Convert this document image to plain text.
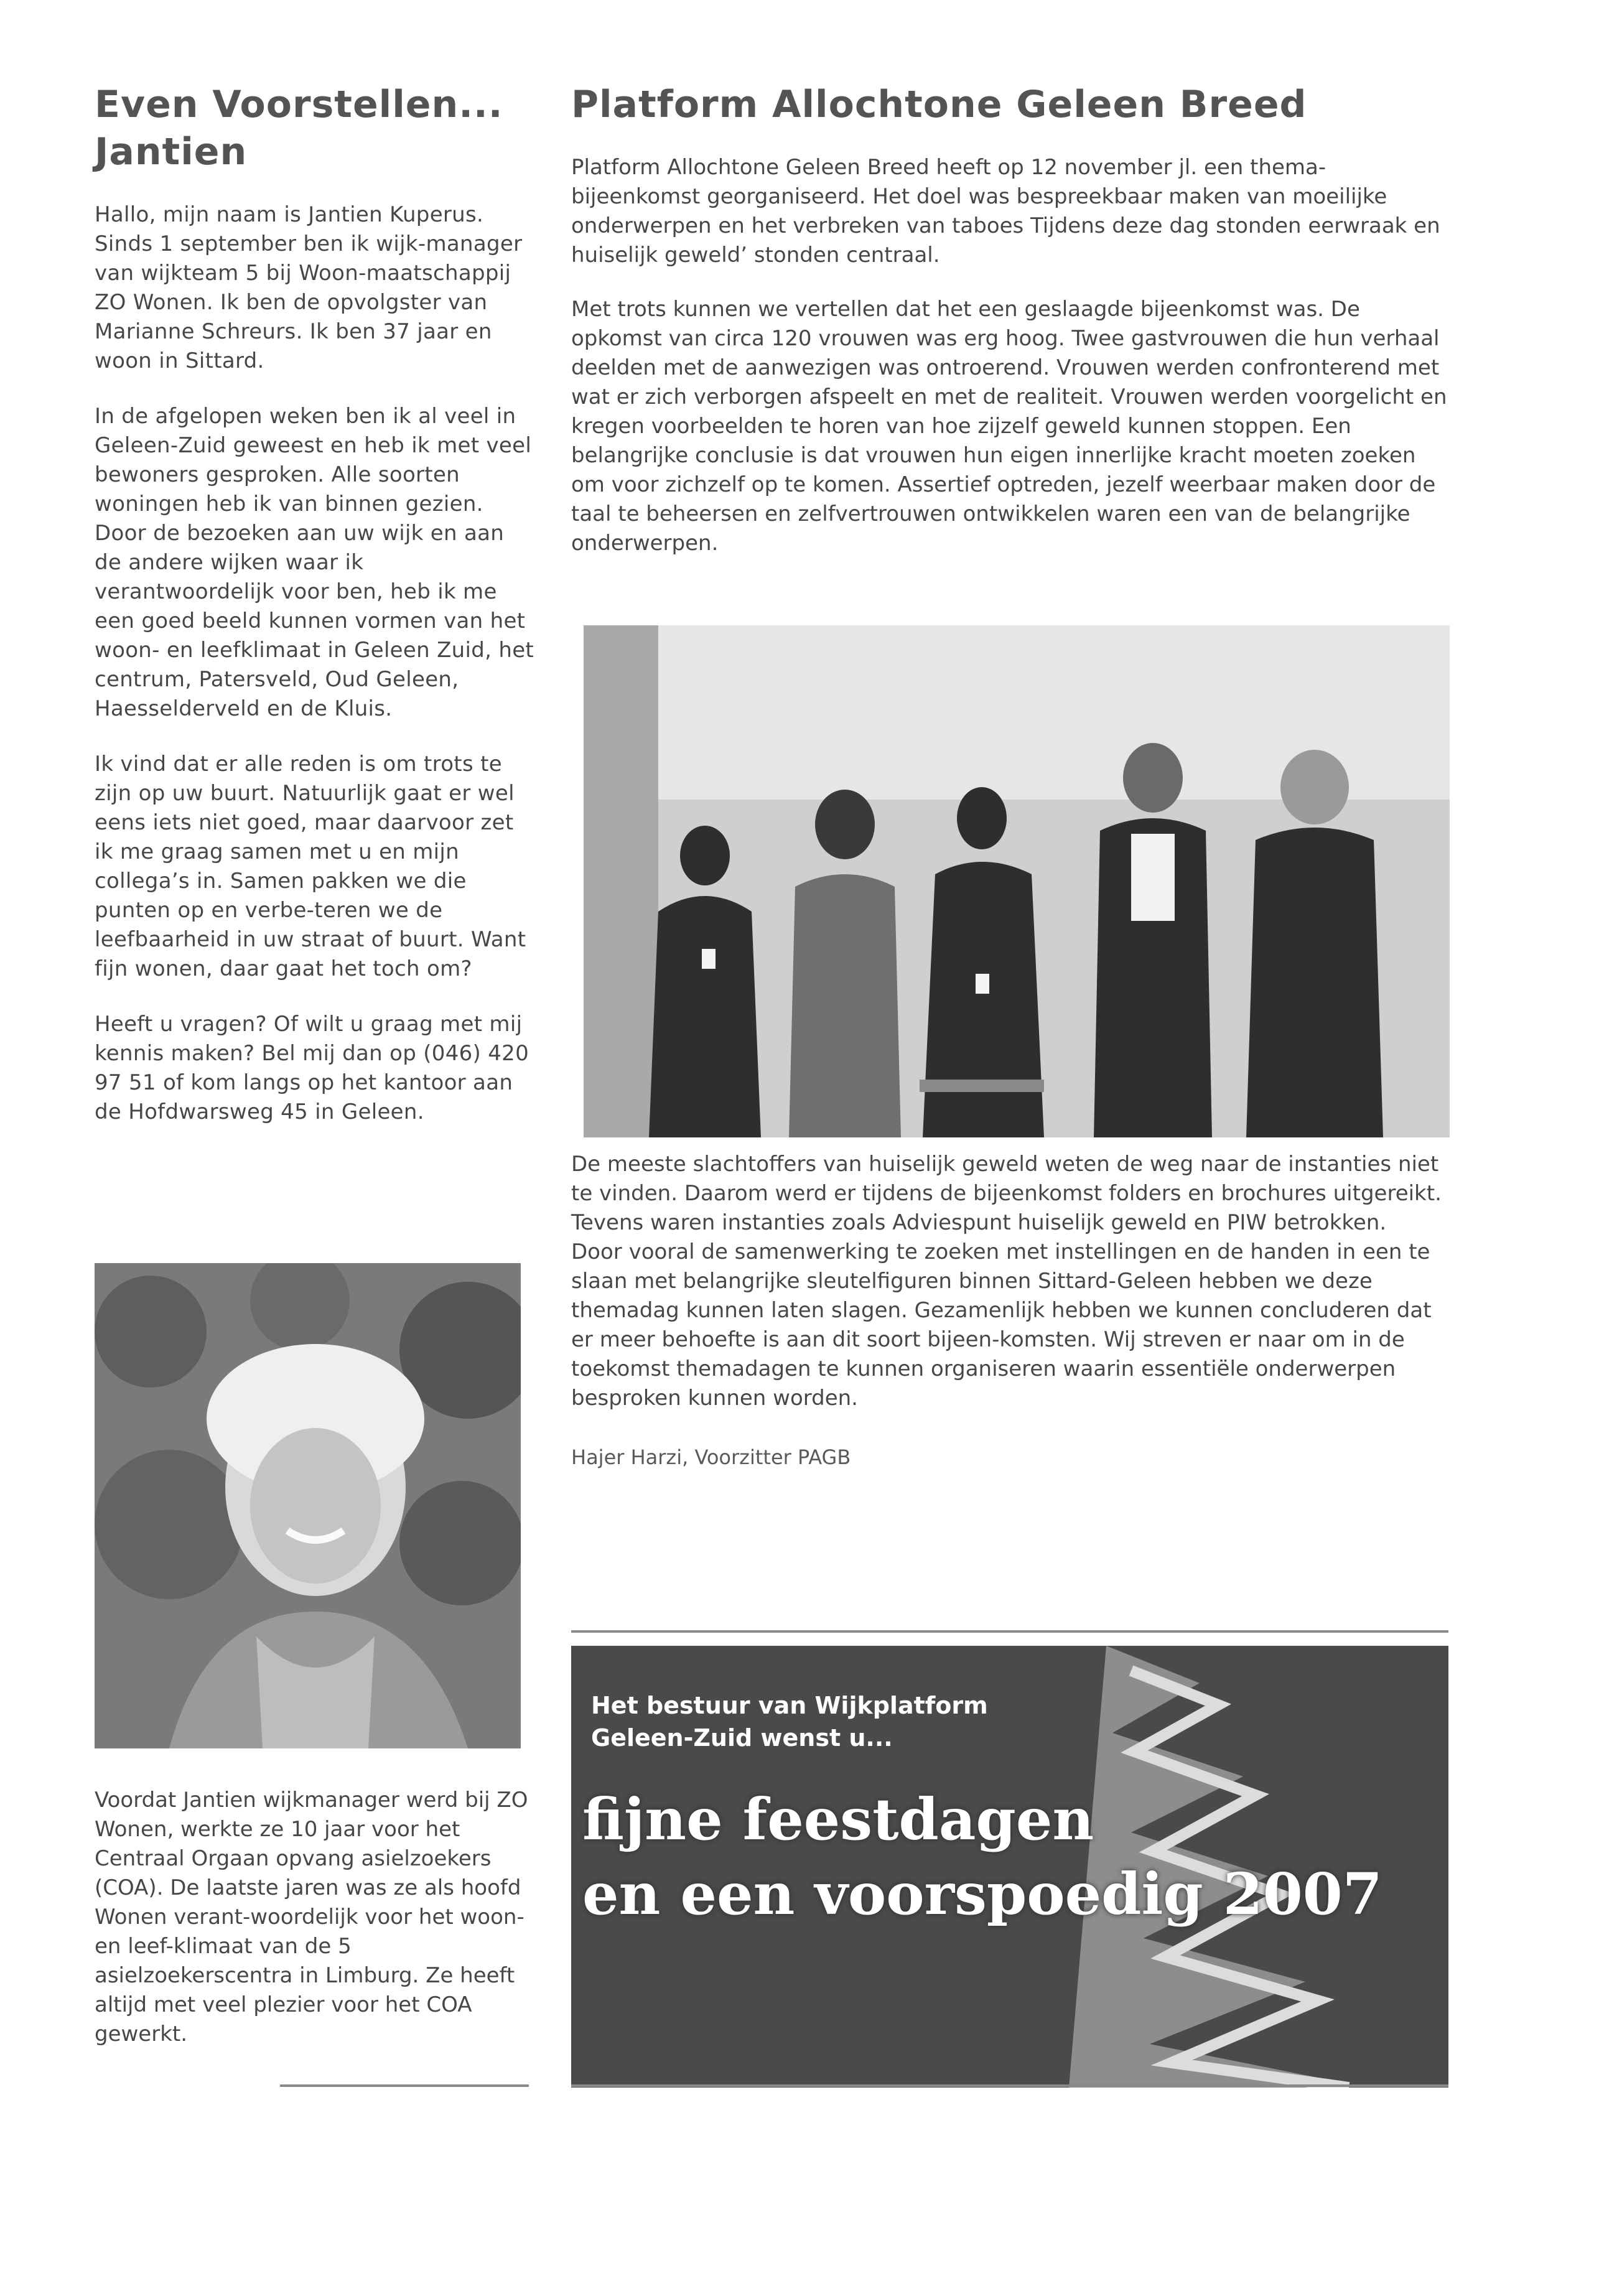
Even Voorstellen...
Jantien

Hallo, mijn naam is Jantien Kuperus. Sinds 1 september ben ik wijk-manager van wijkteam 5 bij Woon-maatschappij ZO Wonen. Ik ben de opvolgster van Marianne Schreurs. Ik ben 37 jaar en woon in Sittard.

In de afgelopen weken ben ik al veel in Geleen-Zuid geweest en heb ik met veel bewoners gesproken. Alle soorten woningen heb ik van binnen gezien. Door de bezoeken aan uw wijk en aan de andere wijken waar ik verantwoordelijk voor ben, heb ik me een goed beeld kunnen vormen van het woon- en leefklimaat in Geleen Zuid, het centrum, Patersveld, Oud Geleen, Haesselderveld en de Kluis.

Ik vind dat er alle reden is om trots te zijn op uw buurt. Natuurlijk gaat er wel eens iets niet goed, maar daarvoor zet ik me graag samen met u en mijn collega’s in. Samen pakken we die punten op en verbe-teren we de leefbaarheid in uw straat of buurt. Want fijn wonen, daar gaat het toch om?

Heeft u vragen? Of wilt u graag met mij kennis maken? Bel mij dan op (046) 420 97 51 of kom langs op het kantoor aan de Hofdwarsweg 45 in Geleen.

Voordat Jantien wijkmanager werd bij ZO Wonen, werkte ze 10 jaar voor het Centraal Orgaan opvang asielzoekers (COA). De laatste jaren was ze als hoofd Wonen verant-woordelijk voor het woon- en leef-klimaat van de 5 asielzoekerscentra in Limburg. Ze heeft altijd met veel plezier voor het COA gewerkt.

Platform Allochtone Geleen Breed

Platform Allochtone Geleen Breed heeft op 12 november jl. een thema-bijeenkomst georganiseerd. Het doel was bespreekbaar maken van moeilijke onderwerpen en het verbreken van taboes Tijdens deze dag stonden eerwraak en huiselijk geweld’ stonden centraal.

Met trots kunnen we vertellen dat het een geslaagde bijeenkomst was. De opkomst van circa 120 vrouwen was erg hoog. Twee gastvrouwen die hun verhaal deelden met de aanwezigen was ontroerend. Vrouwen werden confronterend met wat er zich verborgen afspeelt en met de realiteit. Vrouwen werden voorgelicht en kregen voorbeelden te horen van hoe zijzelf geweld kunnen stoppen. Een belangrijke conclusie is dat vrouwen hun eigen innerlijke kracht moeten zoeken om voor zichzelf op te komen. Assertief optreden, jezelf weerbaar maken door de taal te beheersen en zelfvertrouwen ontwikkelen waren een van de belangrijke onderwerpen.

De meeste slachtoffers van huiselijk geweld weten de weg naar de instanties niet te vinden. Daarom werd er tijdens de bijeenkomst folders en brochures uitgereikt. Tevens waren instanties zoals Adviespunt huiselijk geweld en PIW betrokken.
Door vooral de samenwerking te zoeken met instellingen en de handen in een te slaan met belangrijke sleutelfiguren binnen Sittard-Geleen hebben we deze themadag kunnen laten slagen. Gezamenlijk hebben we kunnen concluderen dat er meer behoefte is aan dit soort bijeen-komsten. Wij streven er naar om in de toekomst themadagen te kunnen organiseren waarin essentiële onderwerpen besproken kunnen worden.

Hajer Harzi, Voorzitter PAGB

Het bestuur van Wijkplatform
Geleen-Zuid wenst u...
fijne feestdagen
en een voorspoedig 2007
